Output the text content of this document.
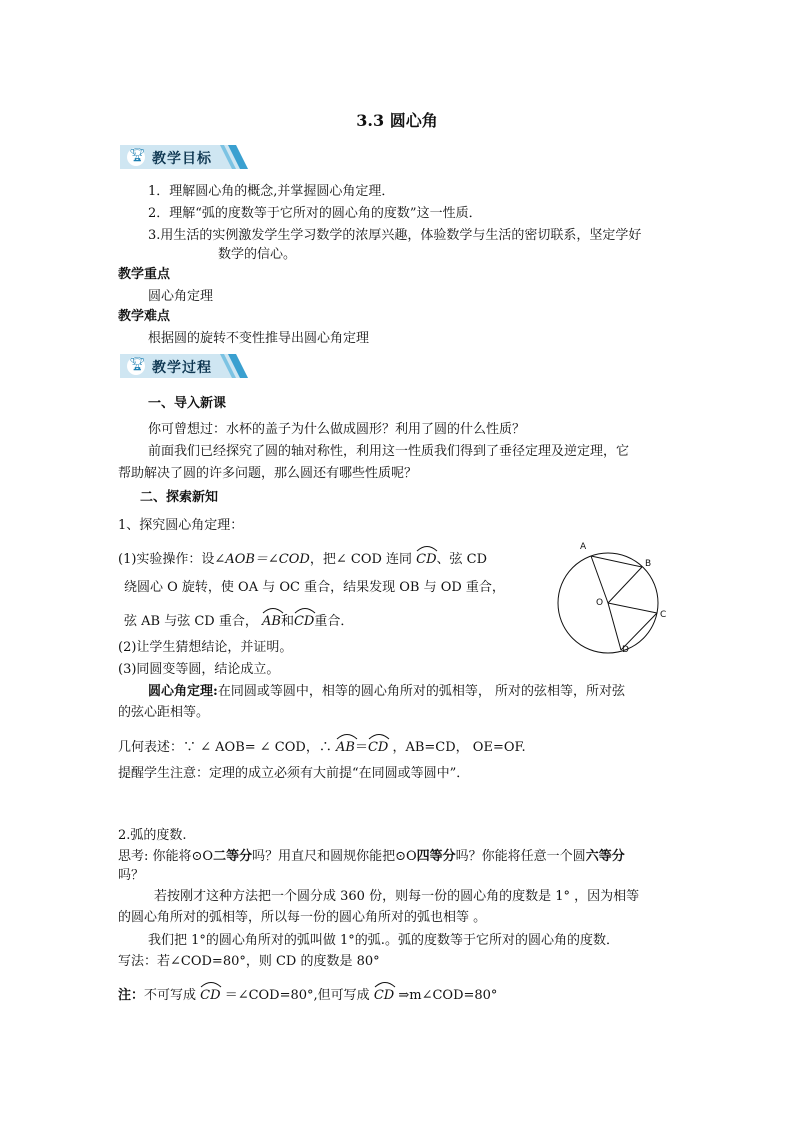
3.3 圆心角
🏆︎ 教学目标
1．理解圆心角的概念,并掌握圆心角定理．
2．理解“弧的度数等于它所对的圆心角的度数”这一性质．
3.用生活的实例激发学生学习数学的浓厚兴趣，体验数学与生活的密切联系，坚定学好
数学的信心。
教学重点
圆心角定理
教学难点
根据圆的旋转不变性推导出圆心角定理
🏆︎ 教学过程
一、导入新课
你可曾想过：水杯的盖子为什么做成圆形？利用了圆的什么性质？
前面我们已经探究了圆的轴对称性，利用这一性质我们得到了垂径定理及逆定理，它
帮助解决了圆的许多问题，那么圆还有哪些性质呢？
二、探索新知
1、探究圆心角定理：
(1)实验操作：设∠AOB＝∠COD，把∠ COD 连同 CD、弦 CD
绕圆心 O 旋转，使 OA 与 OC 重合，结果发现 OB 与 OD 重合，
弦 AB 与弦 CD 重合， AB和
CD重合．
(2)让学生猜想结论，并证明。
(3)同圆变等圆，结论成立。
A
B
O
C
D
圆心角定理:在同圆或等圆中，相等的圆心角所对的弧相等， 所对的弦相等，所对弦
的弦心距相等。
几何表述：∵ ∠ AOB= ∠ COD，∴ AB＝
CD ，AB=CD， OE=OF.
提醒学生注意：定理的成立必须有大前提“在同圆或等圆中”．
2.弧的度数.
思考: 你能将⊙O二等分吗？用直尺和圆规你能把⊙O四等分吗？你能将任意一个圆六等分
吗？
若按刚才这种方法把一个圆分成 360 份，则每一份的圆心角的度数是 1° ，因为相等
的圆心角所对的弧相等，所以每一份的圆心角所对的弧也相等 。
我们把 1°的圆心角所对的弧叫做 1°的弧.。弧的度数等于它所对的圆心角的度数．
写法：若∠COD=80°，则 CD 的度数是 80°
注：不可写成 CD ＝∠COD=80°,但可写成 CD ⇒m∠COD=80°
